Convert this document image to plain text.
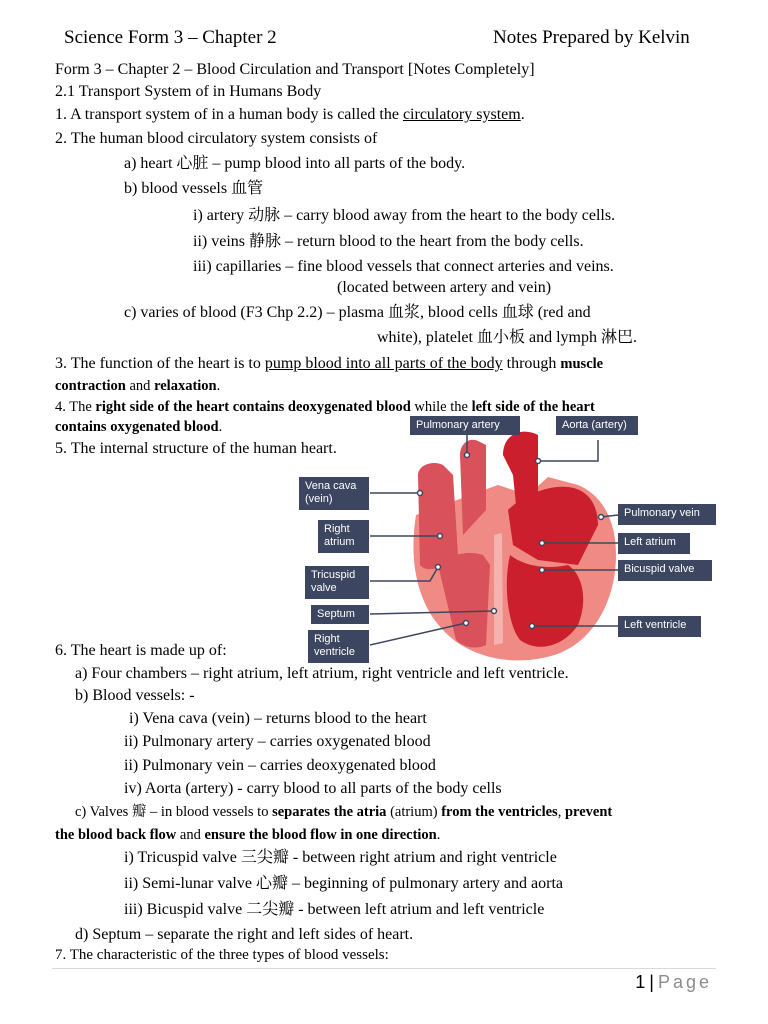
Science Form 3 – Chapter 2	Notes Prepared by Kelvin
Form 3 – Chapter 2 – Blood Circulation and Transport [Notes Completely]
2.1 Transport System of in Humans Body
1. A transport system of in a human body is called the circulatory system.
2. The human blood circulatory system consists of
a) heart 心脏 – pump blood into all parts of the body.
b) blood vessels 血管
i) artery 动脉 – carry blood away from the heart to the body cells.
ii) veins 静脉 – return blood to the heart from the body cells.
iii) capillaries – fine blood vessels that connect arteries and veins.
(located between artery and vein)
c) varies of blood (F3 Chp 2.2) – plasma 血浆, blood cells 血球 (red and
white), platelet 血小板 and lymph 淋巴.
3. The function of the heart is to pump blood into all parts of the body through muscle
contraction and relaxation.
4. The right side of the heart contains deoxygenated blood while the left side of the heart
contains oxygenated blood.
5. The internal structure of the human heart.
Pulmonary artery	Aorta (artery)
Vena cava
(vein)
Right
atrium
Tricuspid
valve
Septum
Right
ventricle
Pulmonary vein
Left atrium
Bicuspid valve
Left ventricle
6. The heart is made up of:
a) Four chambers – right atrium, left atrium, right ventricle and left ventricle.
b) Blood vessels: -
i) Vena cava (vein) – returns blood to the heart
ii) Pulmonary artery – carries oxygenated blood
ii) Pulmonary vein – carries deoxygenated blood
iv) Aorta (artery) - carry blood to all parts of the body cells
c) Valves 瓣 – in blood vessels to separates the atria (atrium) from the ventricles, prevent
the blood back flow and ensure the blood flow in one direction.
i) Tricuspid valve 三尖瓣 - between right atrium and right ventricle
ii) Semi-lunar valve 心瓣 – beginning of pulmonary artery and aorta
iii) Bicuspid valve 二尖瓣 - between left atrium and left ventricle
d) Septum – separate the right and left sides of heart.
7. The characteristic of the three types of blood vessels:
1 | Page
